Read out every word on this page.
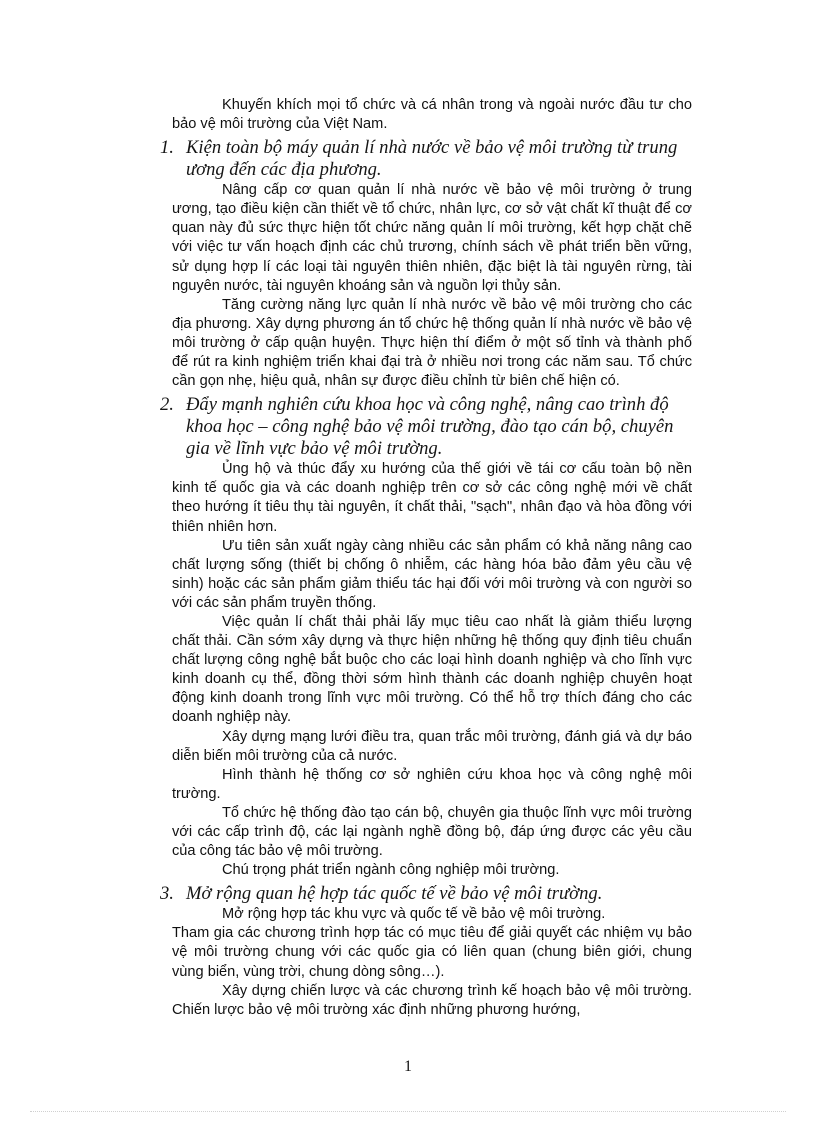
Khuyến khích mọi tổ chức và cá nhân trong và ngoài nước đầu tư cho bảo vệ môi trường của Việt Nam.

1. Kiện toàn bộ máy quản lí nhà nước về bảo vệ môi trường từ trung ương đến các địa phương.

Nâng cấp cơ quan quản lí nhà nước về bảo vệ môi trường ở trung ương, tạo điều kiện cần thiết về tổ chức, nhân lực, cơ sở vật chất kĩ thuật để cơ quan này đủ sức thực hiện tốt chức năng quản lí môi trường, kết hợp chặt chẽ với việc tư vấn hoạch định các chủ trương, chính sách về phát triển bền vững, sử dụng hợp lí các loại tài nguyên thiên nhiên, đặc biệt là tài nguyên rừng, tài nguyên nước, tài nguyên khoáng sản và nguồn lợi thủy sản.

Tăng cường năng lực quản lí nhà nước về bảo vệ môi trường cho các địa phương. Xây dựng phương án tổ chức hệ thống quản lí nhà nước về bảo vệ môi trường ở cấp quận huyện. Thực hiện thí điểm ở một số tỉnh và thành phố để rút ra kinh nghiệm triển khai đại trà ở nhiều nơi trong các năm sau. Tổ chức cần gọn nhẹ, hiệu quả, nhân sự được điều chỉnh từ biên chế hiện có.

2. Đẩy mạnh nghiên cứu khoa học và công nghệ, nâng cao trình độ khoa học – công nghệ bảo vệ môi trường, đào tạo cán bộ, chuyên gia về lĩnh vực bảo vệ môi trường.

Ủng hộ và thúc đẩy xu hướng của thế giới về tái cơ cấu toàn bộ nền kinh tế quốc gia và các doanh nghiệp trên cơ sở các công nghệ mới về chất theo hướng ít tiêu thụ tài nguyên, ít chất thải, "sạch", nhân đạo và hòa đồng với thiên nhiên hơn.

Ưu tiên sản xuất ngày càng nhiều các sản phẩm có khả năng nâng cao chất lượng sống (thiết bị chống ô nhiễm, các hàng hóa bảo đảm yêu cầu vệ sinh) hoặc các sản phẩm giảm thiểu tác hại đối với môi trường và con người so với các sản phẩm truyền thống.

Việc quản lí chất thải phải lấy mục tiêu cao nhất là giảm thiểu lượng chất thải. Cần sớm xây dựng và thực hiện những hệ thống quy định tiêu chuẩn chất lượng công nghệ bắt buộc cho các loại hình doanh nghiệp và cho lĩnh vực kinh doanh cụ thể, đồng thời sớm hình thành các doanh nghiệp chuyên hoạt động kinh doanh trong lĩnh vực môi trường. Có thể hỗ trợ thích đáng cho các doanh nghiệp này.

Xây dựng mạng lưới điều tra, quan trắc môi trường, đánh giá và dự báo diễn biến môi trường của cả nước.

Hình thành hệ thống cơ sở nghiên cứu khoa học và công nghệ môi trường.

Tổ chức hệ thống đào tạo cán bộ, chuyên gia thuộc lĩnh vực môi trường với các cấp trình độ, các lại ngành nghề đồng bộ, đáp ứng được các yêu cầu của công tác bảo vệ môi trường.

Chú trọng phát triển ngành công nghiệp môi trường.

3. Mở rộng quan hệ hợp tác quốc tế về bảo vệ môi trường.

Mở rộng hợp tác khu vực và quốc tế về bảo vệ môi trường.

Tham gia các chương trình hợp tác có mục tiêu để giải quyết các nhiệm vụ bảo vệ môi trường chung với các quốc gia có liên quan (chung biên giới, chung vùng biển, vùng trời, chung dòng sông…).

Xây dựng chiến lược và các chương trình kế hoạch bảo vệ môi trường. Chiến lược bảo vệ môi trường xác định những phương hướng,

1
